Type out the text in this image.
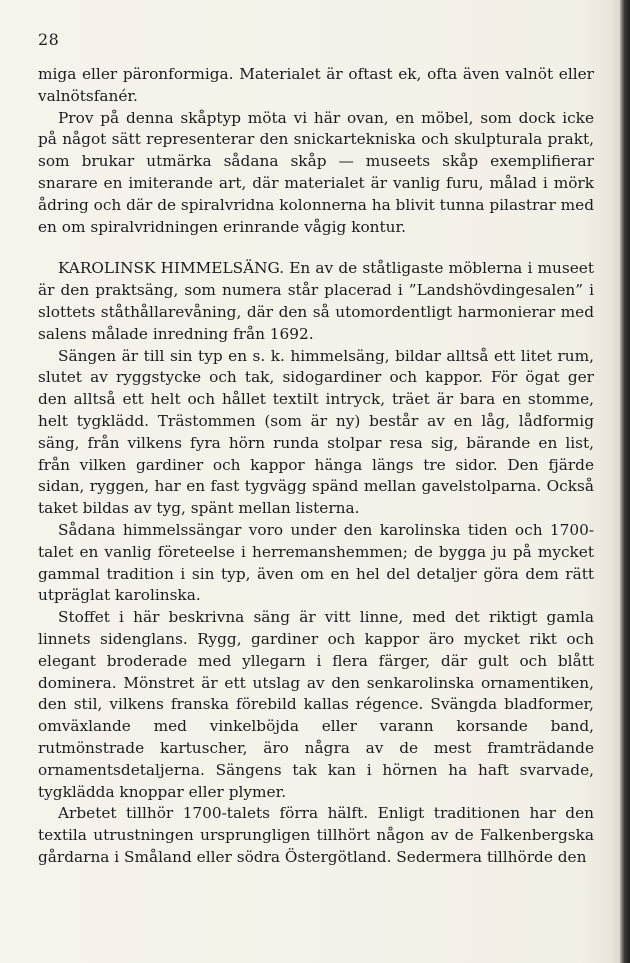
28

miga eller päronformiga. Materialet är oftast ek, ofta även valnöt eller valnötsfanér.

Prov på denna skåptyp möta vi här ovan, en möbel, som dock icke på något sätt representerar den snickartekniska och skulpturala prakt, som brukar utmärka sådana skåp — museets skåp exemplifierar snarare en imiterande art, där materialet är vanlig furu, målad i mörk ådring och där de spiralvridna kolonnerna ha blivit tunna pilastrar med en om spiralvridningen erinrande vågig kontur.

KAROLINSK HIMMELSÄNG. En av de ståtligaste möblerna i museet är den praktsäng, som numera står placerad i ”Landshövdingesalen” i slottets ståthållarevåning, där den så utomordentligt harmonierar med salens målade inredning från 1692.

Sängen är till sin typ en s. k. himmelsäng, bildar alltså ett litet rum, slutet av ryggstycke och tak, sidogardiner och kappor. För ögat ger den alltså ett helt och hållet textilt intryck, träet är bara en stomme, helt tygklädd. Trästommen (som är ny) består av en låg, lådformig säng, från vilkens fyra hörn runda stolpar resa sig, bärande en list, från vilken gardiner och kappor hänga längs tre sidor. Den fjärde sidan, ryggen, har en fast tygvägg spänd mellan gavelstolparna. Också taket bildas av tyg, spänt mellan listerna.

Sådana himmelssängar voro under den karolinska tiden och 1700-talet en vanlig företeelse i herremanshemmen; de bygga ju på mycket gammal tradition i sin typ, även om en hel del detaljer göra dem rätt utpräglat karolinska.

Stoffet i här beskrivna säng är vitt linne, med det riktigt gamla linnets sidenglans. Rygg, gardiner och kappor äro mycket rikt och elegant broderade med yllegarn i flera färger, där gult och blått dominera. Mönstret är ett utslag av den senkarolinska ornamentiken, den stil, vilkens franska förebild kallas régence. Svängda bladformer, omväxlande med vinkelböjda eller varann korsande band, rutmönstrade kartuscher, äro några av de mest framträdande ornamentsdetaljerna. Sängens tak kan i hörnen ha haft svarvade, tygklädda knoppar eller plymer.

Arbetet tillhör 1700-talets förra hälft. Enligt traditionen har den textila utrustningen ursprungligen tillhört någon av de Falkenbergska gårdarna i Småland eller södra Östergötland. Sedermera tillhörde den
